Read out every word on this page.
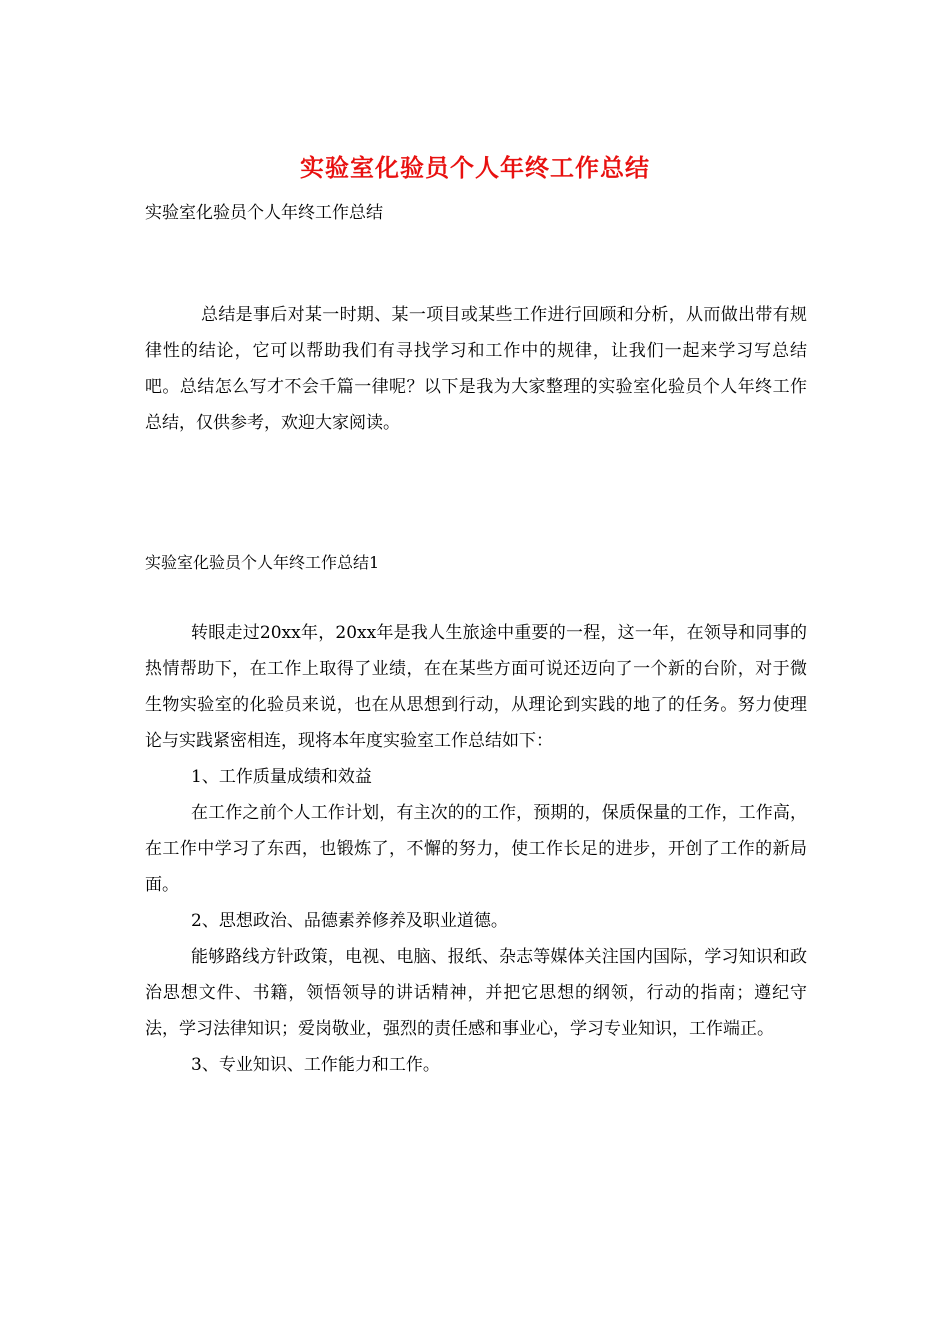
实验室化验员个人年终工作总结
实验室化验员个人年终工作总结

总结是事后对某一时期、某一项目或某些工作进行回顾和分析，从而做出带有规律性的结论，它可以帮助我们有寻找学习和工作中的规律，让我们一起来学习写总结吧。总结怎么写才不会千篇一律呢？以下是我为大家整理的实验室化验员个人年终工作总结，仅供参考，欢迎大家阅读。

实验室化验员个人年终工作总结1

转眼走过20xx年，20xx年是我人生旅途中重要的一程，这一年，在领导和同事的热情帮助下，在工作上取得了业绩，在在某些方面可说还迈向了一个新的台阶，对于微生物实验室的化验员来说，也在从思想到行动，从理论到实践的地了的任务。努力使理论与实践紧密相连，现将本年度实验室工作总结如下：

1、工作质量成绩和效益

在工作之前个人工作计划，有主次的的工作，预期的，保质保量的工作，工作高，在工作中学习了东西，也锻炼了，不懈的努力，使工作长足的进步，开创了工作的新局面。

2、思想政治、品德素养修养及职业道德。

能够路线方针政策，电视、电脑、报纸、杂志等媒体关注国内国际，学习知识和政治思想文件、书籍，领悟领导的讲话精神，并把它思想的纲领，行动的指南；遵纪守法，学习法律知识；爱岗敬业，强烈的责任感和事业心，学习专业知识，工作端正。

3、专业知识、工作能力和工作。
